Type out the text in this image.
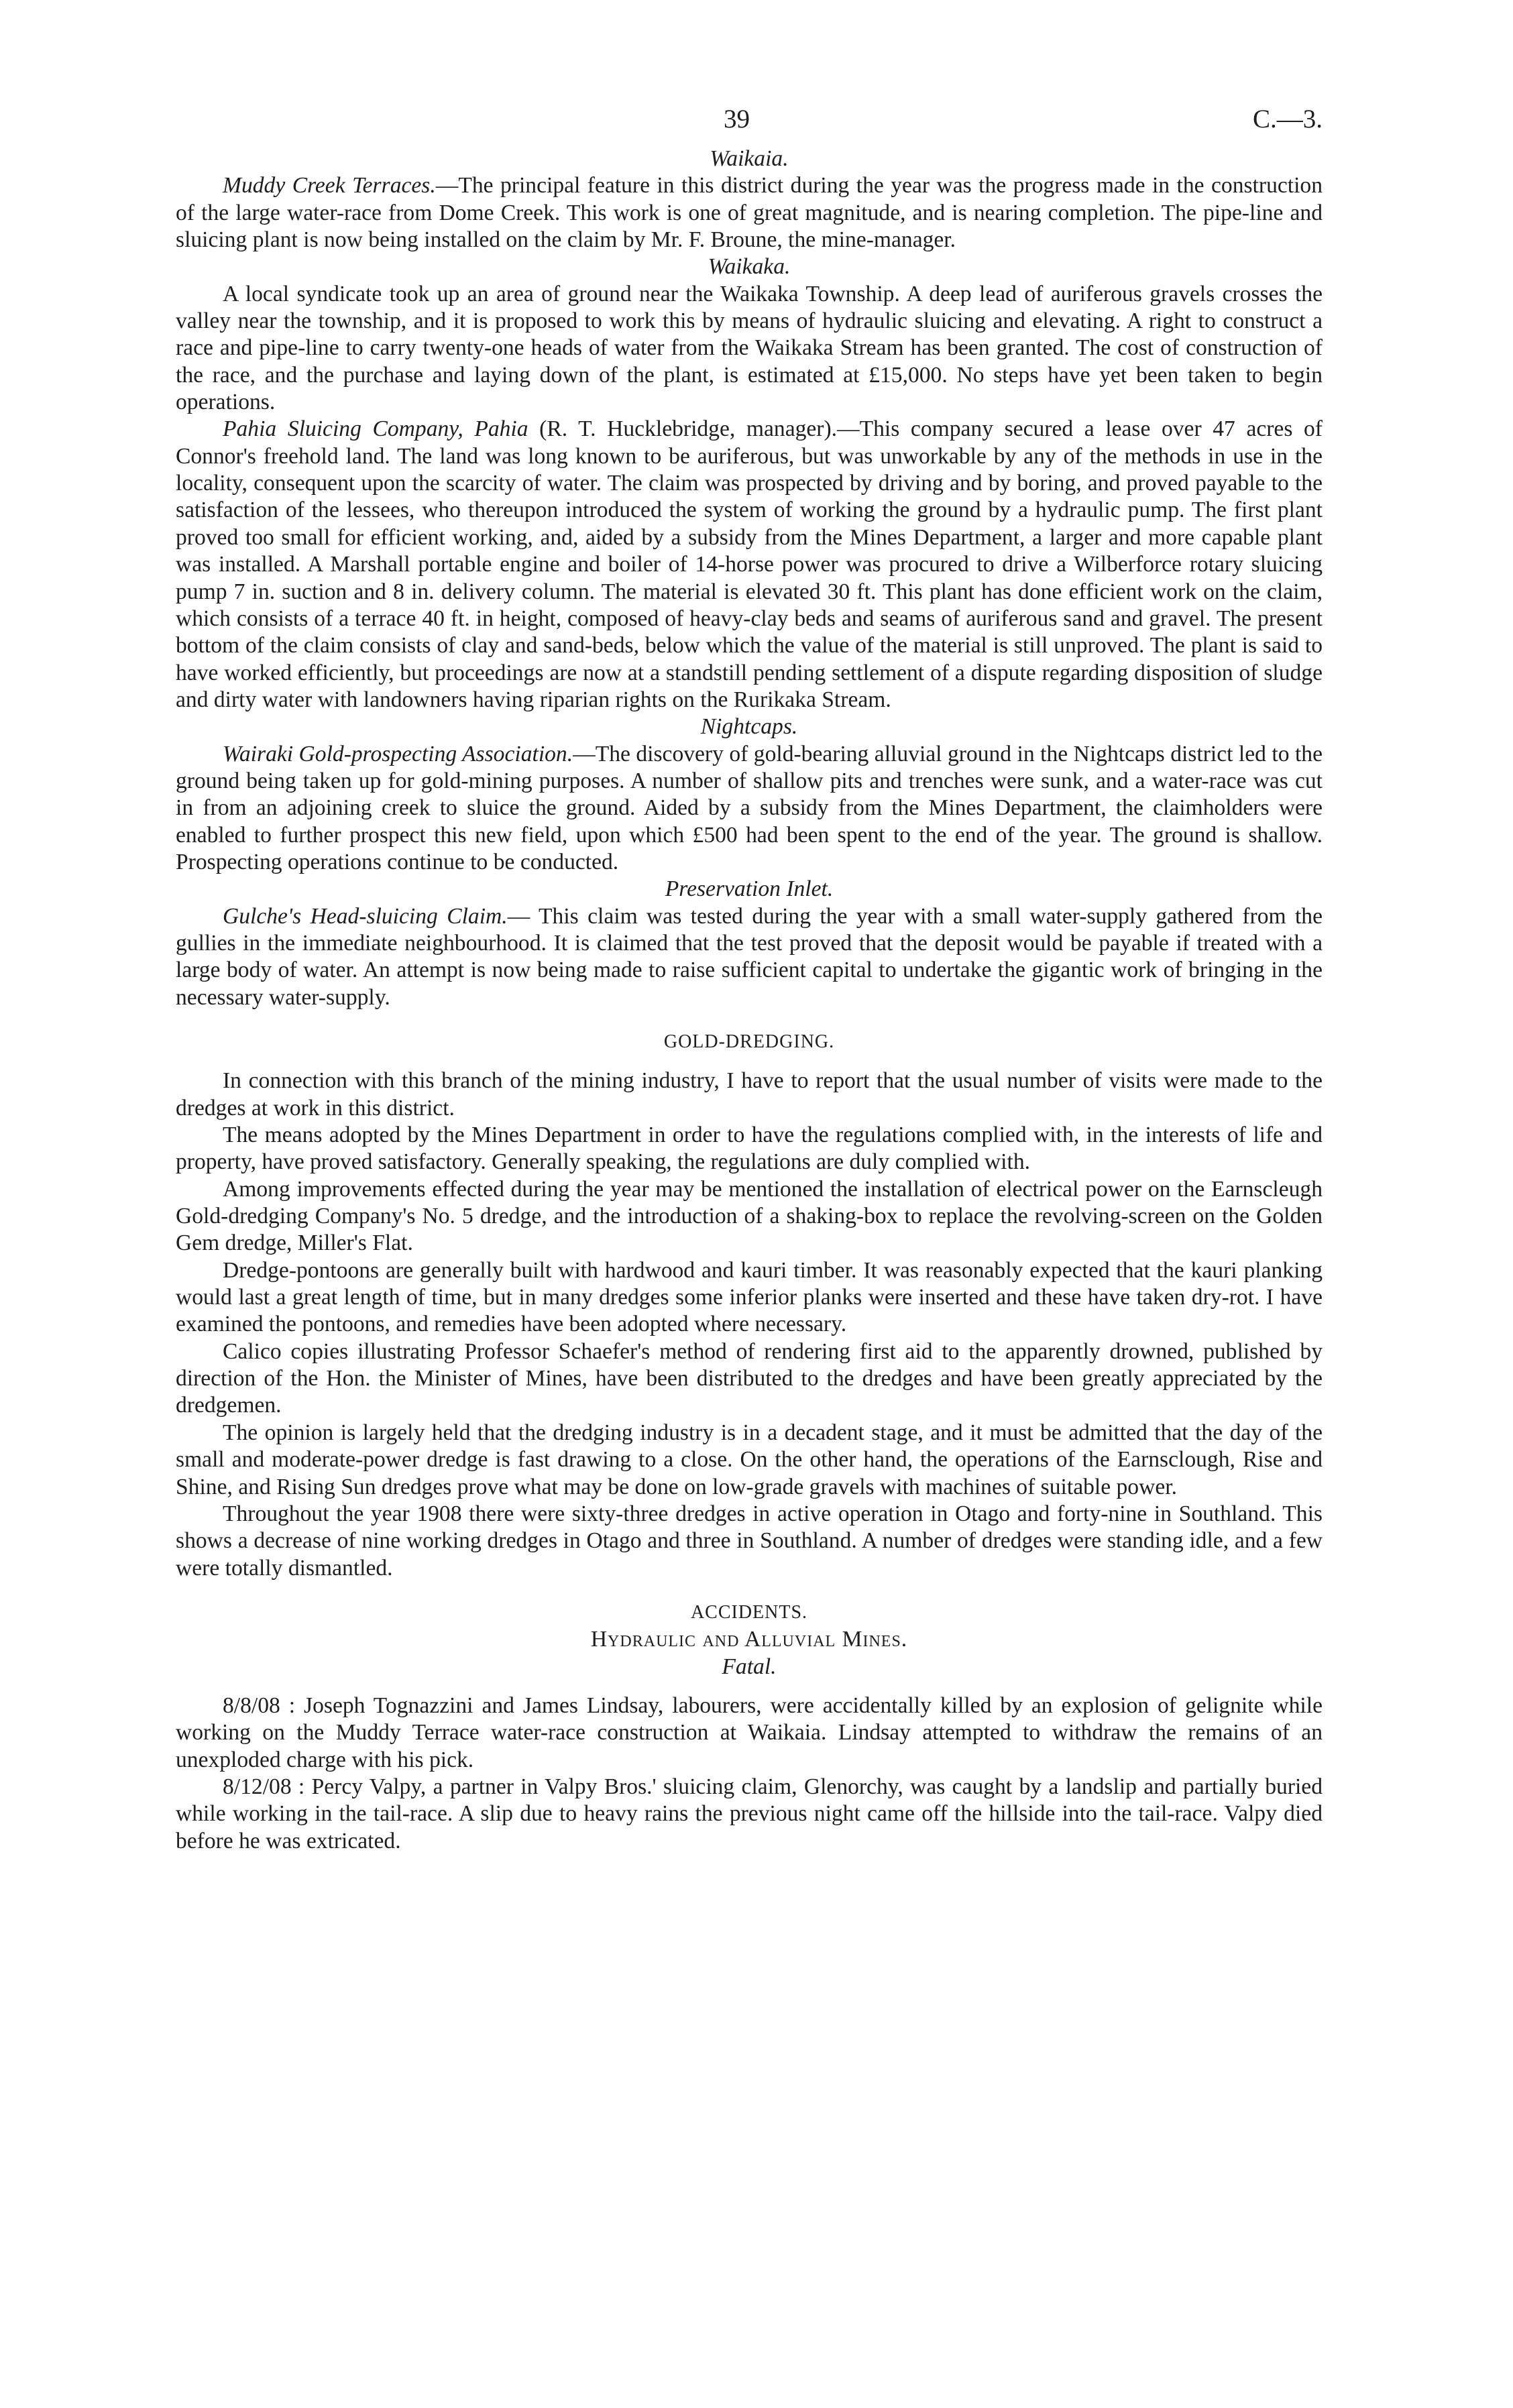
39	C.—3.
Waikaia.

Muddy Creek Terraces.—The principal feature in this district during the year was the progress made in the construction of the large water-race from Dome Creek. This work is one of great magnitude, and is nearing completion. The pipe-line and sluicing plant is now being installed on the claim by Mr. F. Broune, the mine-manager.

Waikaka.

A local syndicate took up an area of ground near the Waikaka Township. A deep lead of auriferous gravels crosses the valley near the township, and it is proposed to work this by means of hydraulic sluicing and elevating. A right to construct a race and pipe-line to carry twenty-one heads of water from the Waikaka Stream has been granted. The cost of construction of the race, and the purchase and laying down of the plant, is estimated at £15,000. No steps have yet been taken to begin operations.

Pahia Sluicing Company, Pahia (R. T. Hucklebridge, manager).—This company secured a lease over 47 acres of Connor's freehold land. The land was long known to be auriferous, but was unworkable by any of the methods in use in the locality, consequent upon the scarcity of water. The claim was prospected by driving and by boring, and proved payable to the satisfaction of the lessees, who thereupon introduced the system of working the ground by a hydraulic pump. The first plant proved too small for efficient working, and, aided by a subsidy from the Mines Department, a larger and more capable plant was installed. A Marshall portable engine and boiler of 14-horse power was procured to drive a Wilberforce rotary sluicing pump 7 in. suction and 8 in. delivery column. The material is elevated 30 ft. This plant has done efficient work on the claim, which consists of a terrace 40 ft. in height, composed of heavy-clay beds and seams of auriferous sand and gravel. The present bottom of the claim consists of clay and sand-beds, below which the value of the material is still unproved. The plant is said to have worked efficiently, but proceedings are now at a standstill pending settlement of a dispute regarding disposition of sludge and dirty water with landowners having riparian rights on the Rurikaka Stream.

Nightcaps.

Wairaki Gold-prospecting Association.—The discovery of gold-bearing alluvial ground in the Nightcaps district led to the ground being taken up for gold-mining purposes. A number of shallow pits and trenches were sunk, and a water-race was cut in from an adjoining creek to sluice the ground. Aided by a subsidy from the Mines Department, the claimholders were enabled to further prospect this new field, upon which £500 had been spent to the end of the year. The ground is shallow. Prospecting operations continue to be conducted.

Preservation Inlet.

Gulche's Head-sluicing Claim.— This claim was tested during the year with a small water-supply gathered from the gullies in the immediate neighbourhood. It is claimed that the test proved that the deposit would be payable if treated with a large body of water. An attempt is now being made to raise sufficient capital to undertake the gigantic work of bringing in the necessary water-supply.

GOLD-DREDGING.

In connection with this branch of the mining industry, I have to report that the usual number of visits were made to the dredges at work in this district.

The means adopted by the Mines Department in order to have the regulations complied with, in the interests of life and property, have proved satisfactory. Generally speaking, the regulations are duly complied with.

Among improvements effected during the year may be mentioned the installation of electrical power on the Earnscleugh Gold-dredging Company's No. 5 dredge, and the introduction of a shaking-box to replace the revolving-screen on the Golden Gem dredge, Miller's Flat.

Dredge-pontoons are generally built with hardwood and kauri timber. It was reasonably expected that the kauri planking would last a great length of time, but in many dredges some inferior planks were inserted and these have taken dry-rot. I have examined the pontoons, and remedies have been adopted where necessary.

Calico copies illustrating Professor Schaefer's method of rendering first aid to the apparently drowned, published by direction of the Hon. the Minister of Mines, have been distributed to the dredges and have been greatly appreciated by the dredgemen.

The opinion is largely held that the dredging industry is in a decadent stage, and it must be admitted that the day of the small and moderate-power dredge is fast drawing to a close. On the other hand, the operations of the Earnsclough, Rise and Shine, and Rising Sun dredges prove what may be done on low-grade gravels with machines of suitable power.

Throughout the year 1908 there were sixty-three dredges in active operation in Otago and forty-nine in Southland. This shows a decrease of nine working dredges in Otago and three in Southland. A number of dredges were standing idle, and a few were totally dismantled.

ACCIDENTS.
Hydraulic and Alluvial Mines.
Fatal.

8/8/08 : Joseph Tognazzini and James Lindsay, labourers, were accidentally killed by an explosion of gelignite while working on the Muddy Terrace water-race construction at Waikaia. Lindsay attempted to withdraw the remains of an unexploded charge with his pick.

8/12/08 : Percy Valpy, a partner in Valpy Bros.' sluicing claim, Glenorchy, was caught by a landslip and partially buried while working in the tail-race. A slip due to heavy rains the previous night came off the hillside into the tail-race. Valpy died before he was extricated.
